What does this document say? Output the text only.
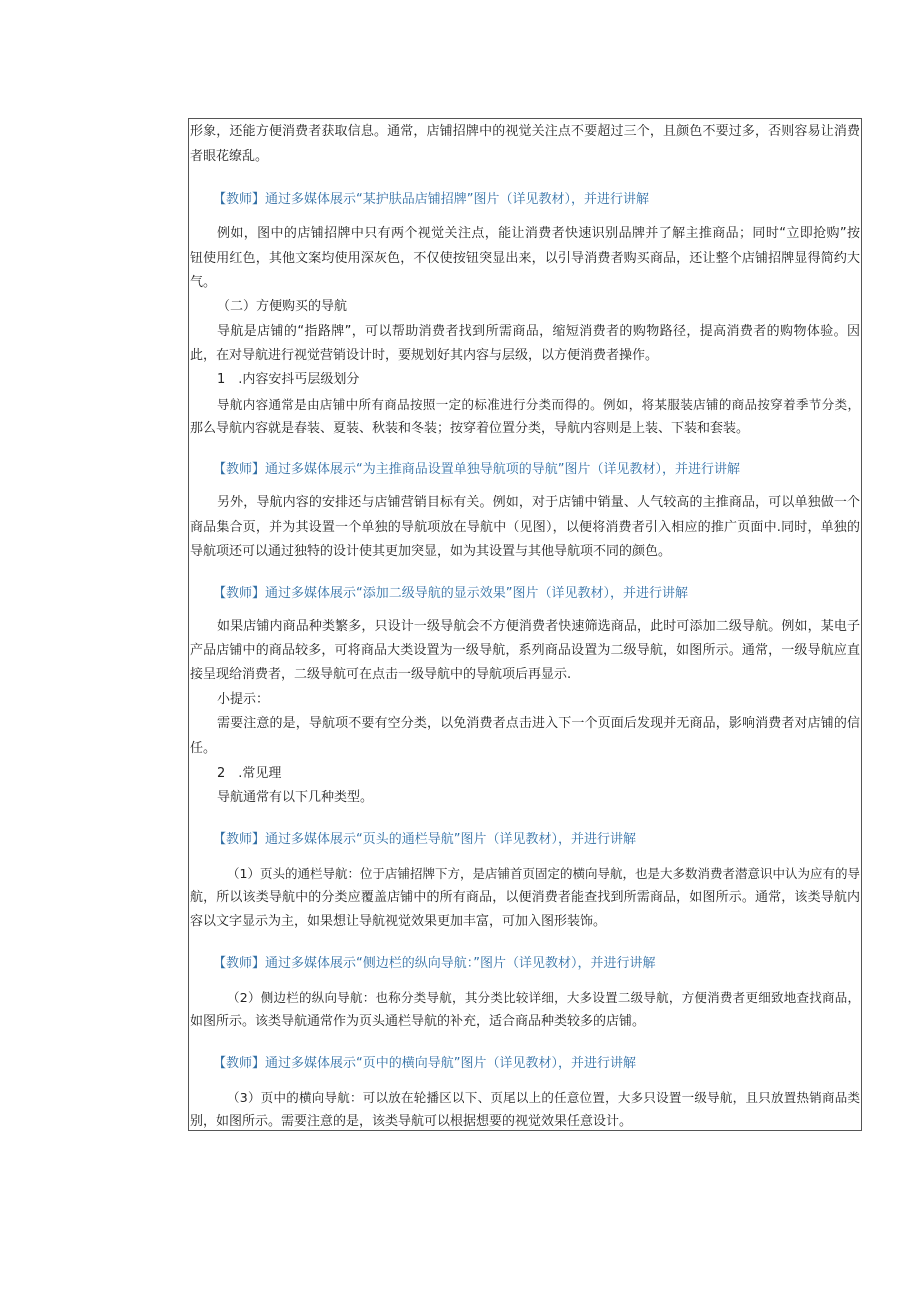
形象，还能方便消费者获取信息。通常，店铺招牌中的视觉关注点不要超过三个，且颜色不要过多，否则容易让消费
者眼花缭乱。
【教师】通过多媒体展示“某护肤品店铺招牌”图片（详见教材），并进行讲解
例如，图中的店铺招牌中只有两个视觉关注点，能让消费者快速识别品牌并了解主推商品；同时“立即抢购”按
钮使用红色，其他文案均使用深灰色，不仅使按钮突显出来，以引导消费者购买商品，还让整个店铺招牌显得简约大
气。
（二）方便购买的导航
导航是店铺的“指路牌”，可以帮助消费者找到所需商品，缩短消费者的购物路径，提高消费者的购物体验。因
此，在对导航进行视觉营销设计时，要规划好其内容与层级，以方便消费者操作。
1　.内容安抖丐层级划分
导航内容通常是由店铺中所有商品按照一定的标准进行分类而得的。例如，将某服装店铺的商品按穿着季节分类，
那么导航内容就是春装、夏装、秋装和冬装；按穿着位置分类，导航内容则是上装、下装和套装。
【教师】通过多媒体展示“为主推商品设置单独导航项的导航”图片（详见教材），并进行讲解
另外，导航内容的安排还与店铺营销目标有关。例如，对于店铺中销量、人气较高的主推商品，可以单独做一个
商品集合页，并为其设置一个单独的导航项放在导航中（见图），以便将消费者引入相应的推广页面中.同时，单独的
导航项还可以通过独特的设计使其更加突显，如为其设置与其他导航项不同的颜色。
【教师】通过多媒体展示“添加二级导航的显示效果”图片（详见教材），并进行讲解
如果店铺内商品种类繁多，只设计一级导航会不方便消费者快速筛选商品，此时可添加二级导航。例如，某电子
产品店铺中的商品较多，可将商品大类设置为一级导航，系列商品设置为二级导航，如图所示。通常，一级导航应直
接呈现给消费者，二级导航可在点击一级导航中的导航项后再显示.
小提示：
需要注意的是，导航项不要有空分类，以免消费者点击进入下一个页面后发现并无商品，影响消费者对店铺的信
任。
2　.常见理
导航通常有以下几种类型。
【教师】通过多媒体展示“页头的通栏导航”图片（详见教材），并进行讲解
（1）页头的通栏导航：位于店铺招牌下方，是店铺首页固定的横向导航，也是大多数消费者潜意识中认为应有的导
航，所以该类导航中的分类应覆盖店铺中的所有商品，以便消费者能查找到所需商品，如图所示。通常，该类导航内
容以文字显示为主，如果想让导航视觉效果更加丰富，可加入图形装饰。
【教师】通过多媒体展示“侧边栏的纵向导航：”图片（详见教材），并进行讲解
（2）侧边栏的纵向导航：也称分类导航，其分类比较详细，大多设置二级导航，方便消费者更细致地查找商品，
如图所示。该类导航通常作为页头通栏导航的补充，适合商品种类较多的店铺。
【教师】通过多媒体展示“页中的横向导航”图片（详见教材），并进行讲解
（3）页中的横向导航：可以放在轮播区以下、页尾以上的任意位置，大多只设置一级导航，且只放置热销商品类
别，如图所示。需要注意的是，该类导航可以根据想要的视觉效果任意设计。
